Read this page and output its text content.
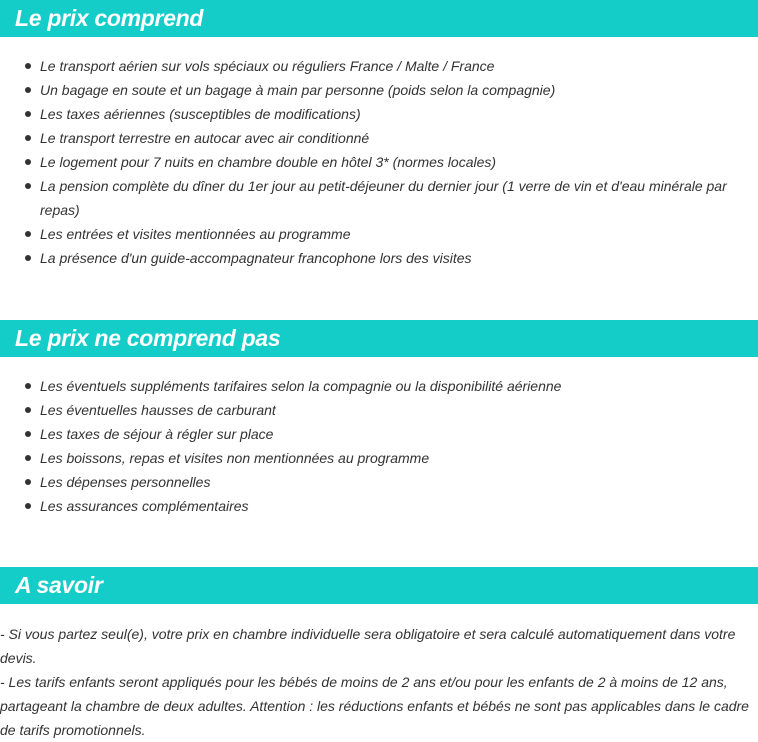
Le prix comprend
Le transport aérien sur vols spéciaux ou réguliers France / Malte / France
Un bagage en soute et un bagage à main par personne (poids selon la compagnie)
Les taxes aériennes (susceptibles de modifications)
Le transport terrestre en autocar avec air conditionné
Le logement pour 7 nuits en chambre double en hôtel 3* (normes locales)
La pension complète du dîner du 1er jour au petit-déjeuner du dernier jour (1 verre de vin et d'eau minérale par repas)
Les entrées et visites mentionnées au programme
La présence d'un guide-accompagnateur francophone lors des visites
Le prix ne comprend pas
Les éventuels suppléments tarifaires selon la compagnie ou la disponibilité aérienne
Les éventuelles hausses de carburant
Les taxes de séjour à régler sur place
Les boissons, repas et visites non mentionnées au programme
Les dépenses personnelles
Les assurances complémentaires
A savoir

- Si vous partez seul(e), votre prix en chambre individuelle sera obligatoire et sera calculé automatiquement dans votre devis.

- Les tarifs enfants seront appliqués pour les bébés de moins de 2 ans et/ou pour les enfants de 2 à moins de 12 ans, partageant la chambre de deux adultes. Attention : les réductions enfants et bébés ne sont pas applicables dans le cadre de tarifs promotionnels.
